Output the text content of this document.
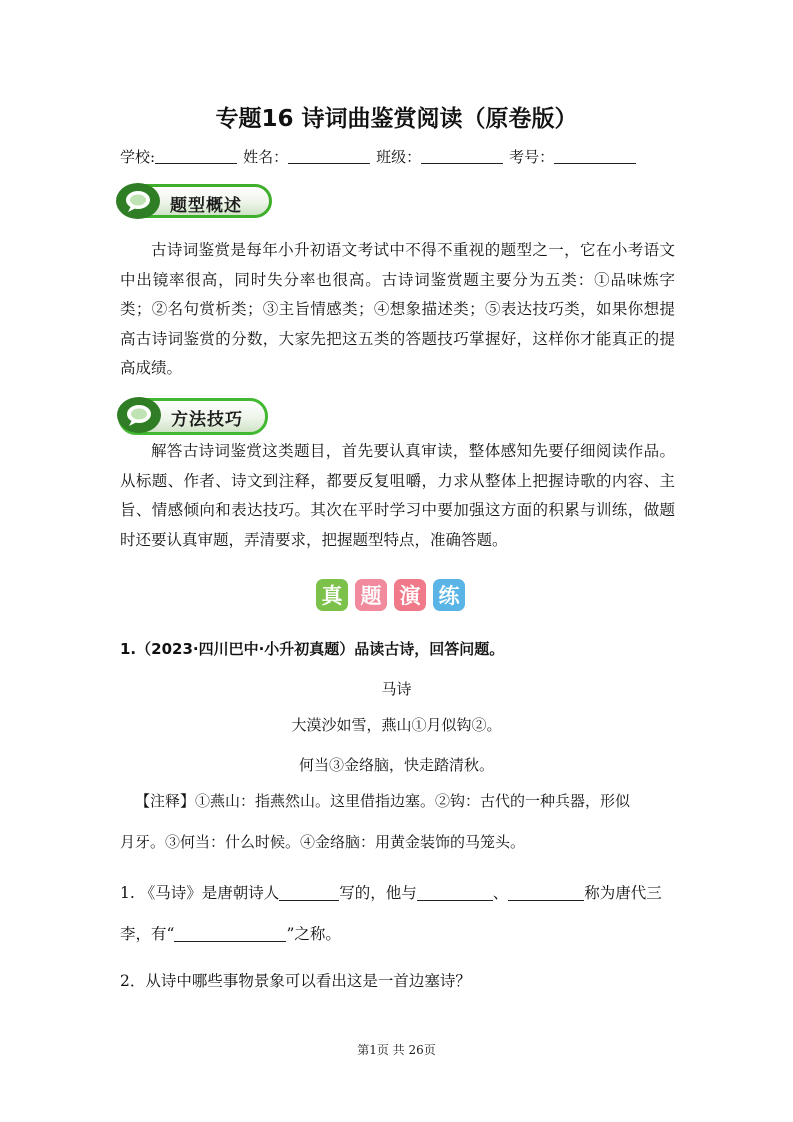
专题16 诗词曲鉴赏阅读（原卷版）
学校:	姓名：	班级：	考号：
题型概述

古诗词鉴赏是每年小升初语文考试中不得不重视的题型之一，它在小考语文中出镜率很高，同时失分率也很高。古诗词鉴赏题主要分为五类：①品味炼字类；②名句赏析类；③主旨情感类；④想象描述类；⑤表达技巧类，如果你想提高古诗词鉴赏的分数，大家先把这五类的答题技巧掌握好，这样你才能真正的提高成绩。

方法技巧

解答古诗词鉴赏这类题目，首先要认真审读，整体感知先要仔细阅读作品。从标题、作者、诗文到注释，都要反复咀嚼，力求从整体上把握诗歌的内容、主旨、情感倾向和表达技巧。其次在平时学习中要加强这方面的积累与训练，做题时还要认真审题，弄清要求，把握题型特点，准确答题。

真 题 演 练
1.（2023·四川巴中·小升初真题）品读古诗，回答问题。
马诗
大漠沙如雪，燕山①月似钩②。
何当③金络脑，快走踏清秋。

【注释】①燕山：指燕然山。这里借指边塞。②钩：古代的一种兵器，形似

月牙。③何当：什么时候。④金络脑：用黄金装饰的马笼头。

1. 《马诗》是唐朝诗人	写的，他与	、	称为唐代三

李，有“	”之称。

2．从诗中哪些事物景象可以看出这是一首边塞诗？

第1页 共 26页
